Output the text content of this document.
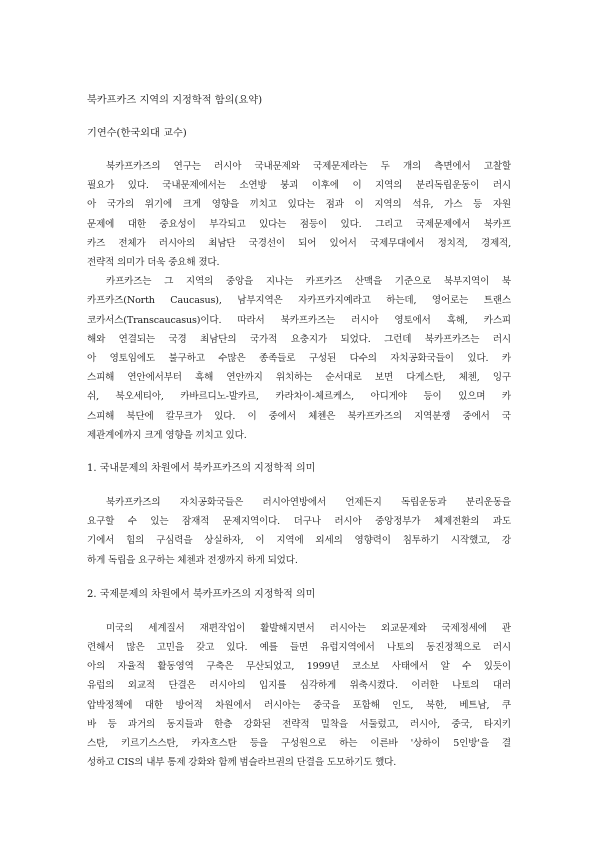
북카프카즈 지역의 지정학적 함의(요약)

기연수(한국외대 교수)

북카프카즈의 연구는 러시아 국내문제와 국제문제라는 두 개의 측면에서 고찰할
필요가 있다. 국내문제에서는 소연방 붕괴 이후에 이 지역의 분리독립운동이 러시
아 국가의 위기에 크게 영향을 끼치고 있다는 점과 이 지역의 석유, 가스 등 자원
문제에 대한 중요성이 부각되고 있다는 점등이 있다. 그리고 국제문제에서 북카프
카즈 전체가 러시아의 최남단 국경선이 되어 있어서 국제무대에서 정치적, 경제적,
전략적 의미가 더욱 중요해 졌다.

카프카즈는 그 지역의 중앙을 지나는 카프카즈 산맥을 기준으로 북부지역이 북
카프카즈(North Caucasus), 남부지역은 자카프카지예라고 하는데, 영어로는 트랜스
코카서스(Transcaucasus)이다. 따라서 북카프카즈는 러시아 영토에서 흑해, 카스피
해와 연결되는 국경 최남단의 국가적 요충지가 되었다. 그런데 북카프카즈는 러시
아 영토임에도 불구하고 수많은 종족들로 구성된 다수의 자치공화국들이 있다. 카
스피해 연안에서부터 흑해 연안까지 위치하는 순서대로 보면 다게스탄, 체첸, 잉구
쉬, 북오세티아, 카바르디노-발카르, 카라차이-체르케스, 아디게야 등이 있으며 카
스피해 북단에 칼무크가 있다. 이 중에서 체첸은 북카프카즈의 지역분쟁 중에서 국
제관계에까지 크게 영향을 끼치고 있다.

1. 국내문제의 차원에서 북카프카즈의 지정학적 의미

북카프카즈의 자치공화국들은 러시아연방에서 언제든지 독립운동과 분리운동을
요구할 수 있는 잠재적 문제지역이다. 더구나 러시아 중앙정부가 체제전환의 과도
기에서 힘의 구심력을 상실하자, 이 지역에 외세의 영향력이 침투하기 시작했고, 강
하게 독립을 요구하는 체첸과 전쟁까지 하게 되었다.

2. 국제문제의 차원에서 북카프카즈의 지정학적 의미

미국의 세계질서 재편작업이 활발해지면서 러시아는 외교문제와 국제정세에 관
련해서 많은 고민을 갖고 있다. 예를 들면 유럽지역에서 나토의 동진정책으로 러시
아의 자율적 활동영역 구축은 무산되었고, 1999년 코소보 사태에서 알 수 있듯이
유럽의 외교적 단결은 러시아의 입지를 심각하게 위축시켰다. 이러한 나토의 대러
압박정책에 대한 방어적 차원에서 러시아는 중국을 포함해 인도, 북한, 베트남, 쿠
바 등 과거의 동지들과 한층 강화된 전략적 밀착을 서둘렀고, 러시아, 중국, 타지키
스탄, 키르기스스탄, 카자흐스탄 등을 구성원으로 하는 이른바 '상하이 5인방'을 결
성하고 CIS의 내부 통제 강화와 함께 범슬라브권의 단결을 도모하기도 했다.
